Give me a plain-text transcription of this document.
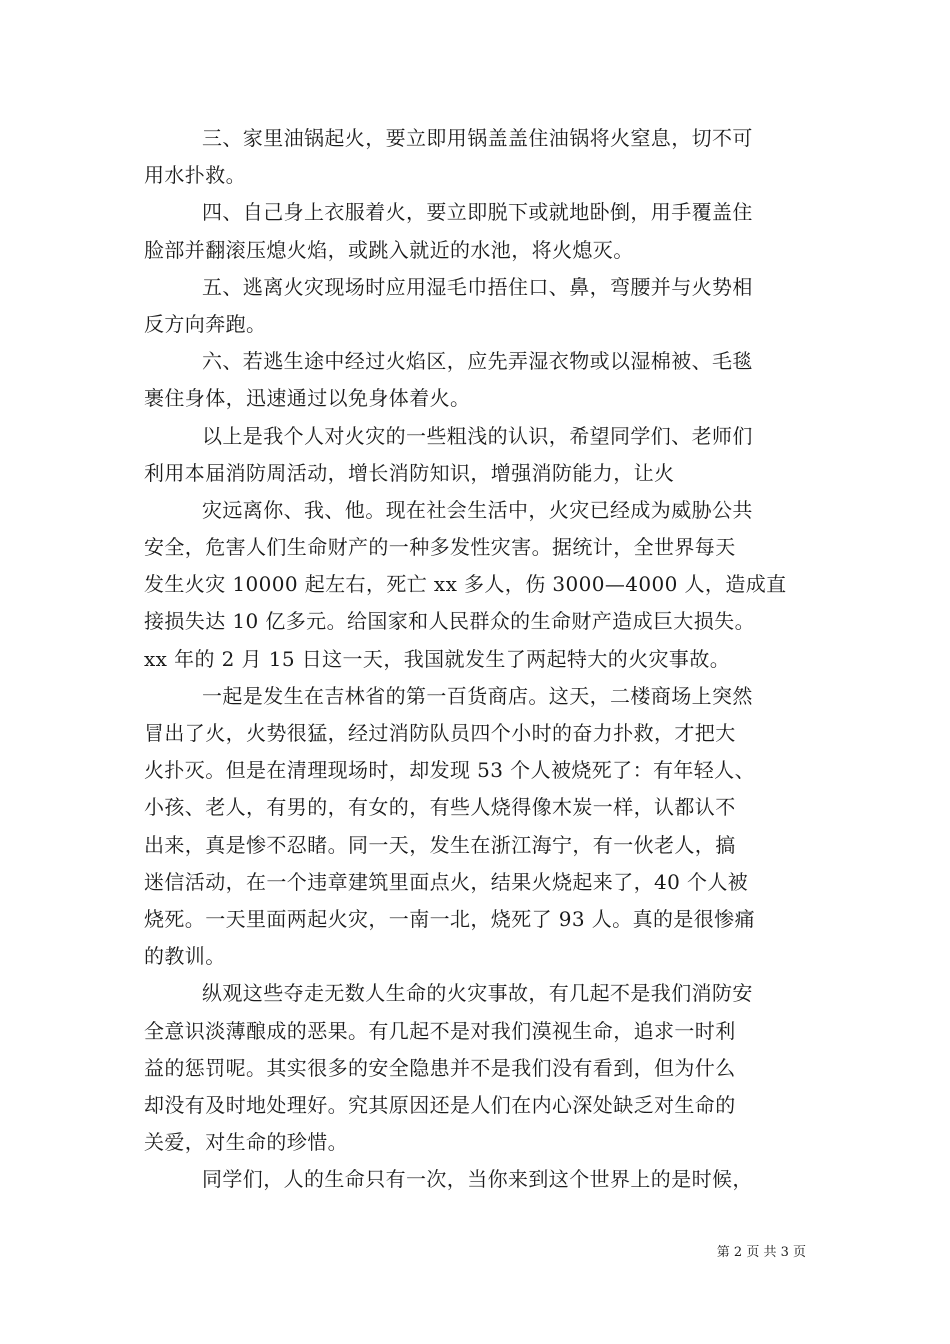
三、家里油锅起火，要立即用锅盖盖住油锅将火窒息，切不可
用水扑救。
四、自己身上衣服着火，要立即脱下或就地卧倒，用手覆盖住
脸部并翻滚压熄火焰，或跳入就近的水池，将火熄灭。
五、逃离火灾现场时应用湿毛巾捂住口、鼻，弯腰并与火势相
反方向奔跑。
六、若逃生途中经过火焰区，应先弄湿衣物或以湿棉被、毛毯
裹住身体，迅速通过以免身体着火。
以上是我个人对火灾的一些粗浅的认识，希望同学们、老师们
利用本届消防周活动，增长消防知识，增强消防能力，让火
灾远离你、我、他。现在社会生活中，火灾已经成为威胁公共
安全，危害人们生命财产的一种多发性灾害。据统计，全世界每天
发生火灾 10000 起左右，死亡 xx 多人，伤 3000—4000 人，造成直
接损失达 10 亿多元。给国家和人民群众的生命财产造成巨大损失。
xx 年的 2 月 15 日这一天，我国就发生了两起特大的火灾事故。
一起是发生在吉林省的第一百货商店。这天，二楼商场上突然
冒出了火，火势很猛，经过消防队员四个小时的奋力扑救，才把大
火扑灭。但是在清理现场时，却发现 53 个人被烧死了：有年轻人、
小孩、老人，有男的，有女的，有些人烧得像木炭一样，认都认不
出来，真是惨不忍睹。同一天，发生在浙江海宁，有一伙老人，搞
迷信活动，在一个违章建筑里面点火，结果火烧起来了，40 个人被
烧死。一天里面两起火灾，一南一北，烧死了 93 人。真的是很惨痛
的教训。
纵观这些夺走无数人生命的火灾事故，有几起不是我们消防安
全意识淡薄酿成的恶果。有几起不是对我们漠视生命，追求一时利
益的惩罚呢。其实很多的安全隐患并不是我们没有看到，但为什么
却没有及时地处理好。究其原因还是人们在内心深处缺乏对生命的
关爱，对生命的珍惜。
同学们，人的生命只有一次，当你来到这个世界上的是时候，
第 2 页 共 3 页
